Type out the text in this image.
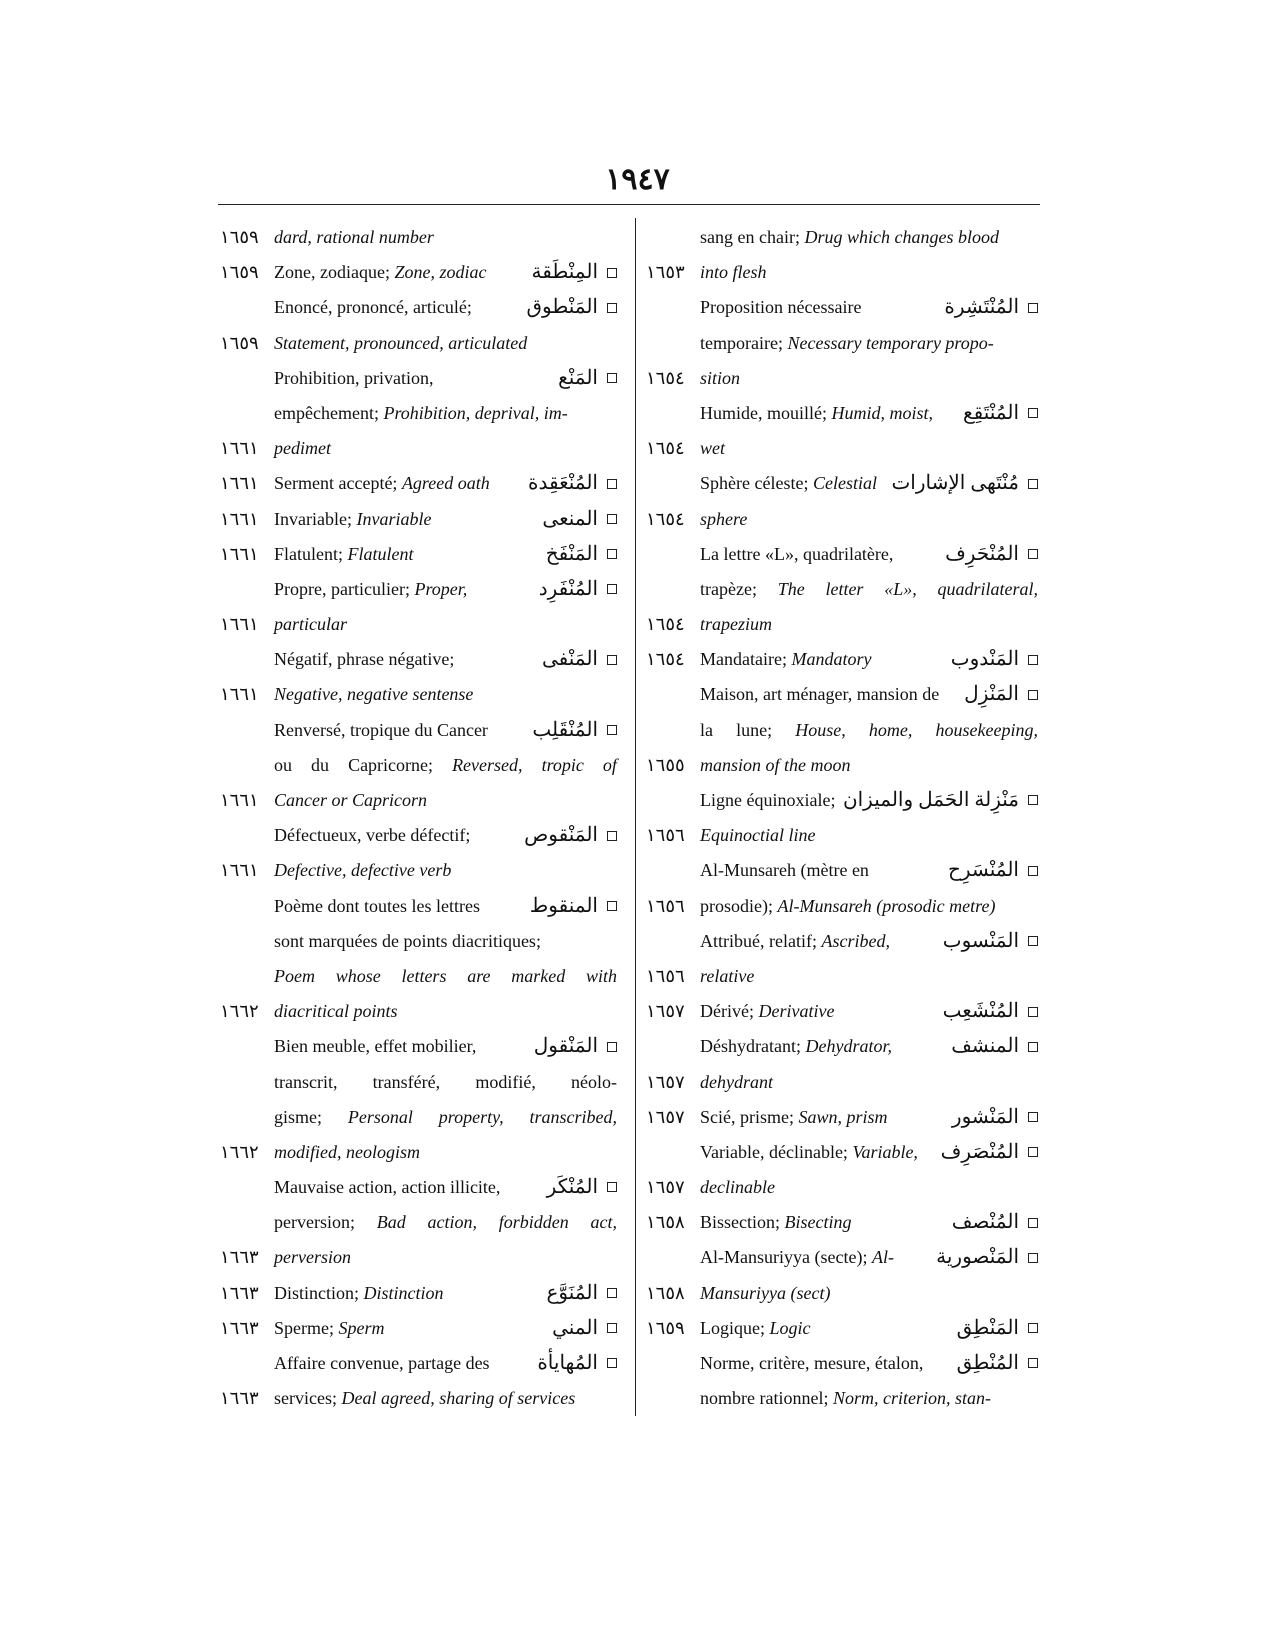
١٩٤٧
١٦٥٩ dard, rational number
١٦٥٩ Zone, zodiaque; Zone, zodiac المِنْطَقة
Enoncé, prononcé, articulé;	المَنْطوق
١٦٥٩ Statement, pronounced, articulated
Prohibition, privation,	المَنْع
empêchement; Prohibition, deprival, im-
١٦٦١ pedimet
١٦٦١ Serment accepté; Agreed oath المُنْعَقِدة
١٦٦١ Invariable; Invariable	المنعى
١٦٦١ Flatulent; Flatulent	المَنْفَخ
Propre, particulier; Proper,	المُنْفَرِد
١٦٦١ particular
Négatif, phrase négative;	المَنْفى
١٦٦١ Negative, negative sentense
Renversé, tropique du Cancer المُنْقَلِب
ou du Capricorne; Reversed, tropic of
١٦٦١ Cancer or Capricorn
Défectueux, verbe défectif;	المَنْقوص
١٦٦١ Defective, defective verb
Poème dont toutes les lettres المنقوط
sont marquées de points diacritiques;
Poem whose letters are marked with
١٦٦٢ diacritical points
Bien meuble, effet mobilier,	المَنْقول
transcrit, transféré, modifié, néolo-
gisme; Personal property, transcribed,
١٦٦٢ modified, neologism
Mauvaise action, action illicite, المُنْكَر
perversion; Bad action, forbidden act,
١٦٦٣ perversion
١٦٦٣ Distinction; Distinction	المُنَوَّع
١٦٦٣ Sperme; Sperm	المني
Affaire convenue, partage des المُهايأة
١٦٦٣ services; Deal agreed, sharing of services
sang en chair; Drug which changes blood
١٦٥٣ into flesh
Proposition nécessaire	المُنْتَشِرة
temporaire; Necessary temporary propo-
١٦٥٤ sition
Humide, mouillé; Humid, moist, المُنْتَقِع
١٦٥٤ wet
Sphère céleste; Celestial مُنْتَهى الإشارات
١٦٥٤ sphere
La lettre «L», quadrilatère,	المُنْحَرِف
trapèze; The letter «L», quadrilateral,
١٦٥٤ trapezium
١٦٥٤ Mandataire; Mandatory	المَنْدوب
Maison, art ménager, mansion de المَنْزِل
la lune; House, home, housekeeping,
١٦٥٥ mansion of the moon
Ligne équinoxiale; مَنْزِلة الحَمَل والميزان
١٦٥٦ Equinoctial line
Al-Munsareh (mètre en	المُنْسَرِح
١٦٥٦ prosodie); Al-Munsareh (prosodic metre)
Attribué, relatif; Ascribed,	المَنْسوب
١٦٥٦ relative
١٦٥٧ Dérivé; Derivative	المُنْشَعِب
Déshydratant; Dehydrator,	المنشف
١٦٥٧ dehydrant
١٦٥٧ Scié, prisme; Sawn, prism	المَنْشور
Variable, déclinable; Variable, المُنْصَرِف
١٦٥٧ declinable
١٦٥٨ Bissection; Bisecting	المُنْصف
Al-Mansuriyya (secte); Al- المَنْصورية
١٦٥٨ Mansuriyya (sect)
١٦٥٩ Logique; Logic	المَنْطِق
Norme, critère, mesure, étalon, المُنْطِق
nombre rationnel; Norm, criterion, stan-
